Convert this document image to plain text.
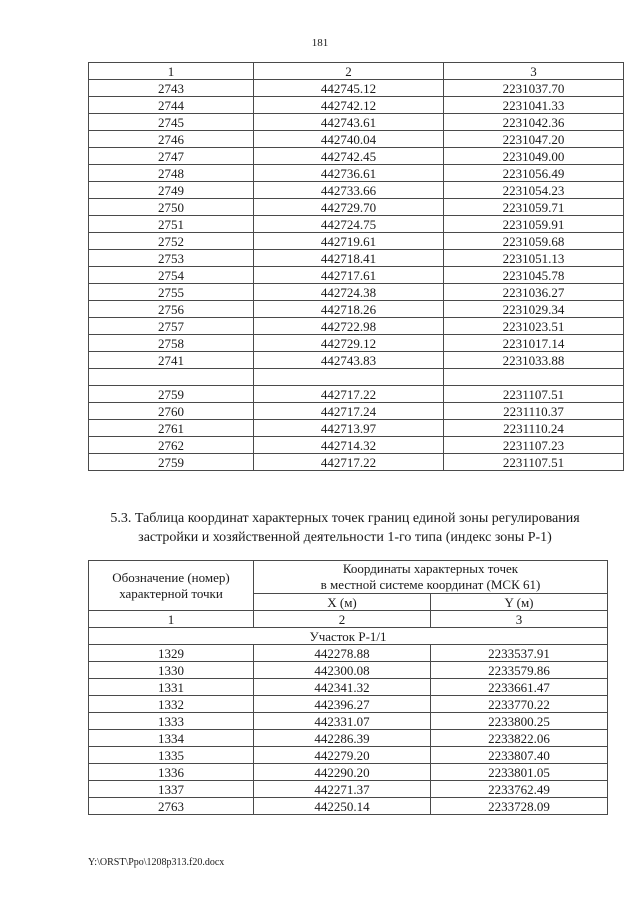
181
1	2	3
2743	442745.12	2231037.70
2744	442742.12	2231041.33
2745	442743.61	2231042.36
2746	442740.04	2231047.20
2747	442742.45	2231049.00
2748	442736.61	2231056.49
2749	442733.66	2231054.23
2750	442729.70	2231059.71
2751	442724.75	2231059.91
2752	442719.61	2231059.68
2753	442718.41	2231051.13
2754	442717.61	2231045.78
2755	442724.38	2231036.27
2756	442718.26	2231029.34
2757	442722.98	2231023.51
2758	442729.12	2231017.14
2741	442743.83	2231033.88

2759	442717.22	2231107.51
2760	442717.24	2231110.37
2761	442713.97	2231110.24
2762	442714.32	2231107.23
2759	442717.22	2231107.51
5.3. Таблица координат характерных точек границ единой зоны регулирования
застройки и хозяйственной деятельности 1-го типа (индекс зоны Р-1)
Обозначение (номер) характерной точки	Координаты характерных точек
в местной системе координат (МСК 61)	

	X (м)	Y (м)
1	2	3
Участок Р-1/1		
1329	442278.88	2233537.91
1330	442300.08	2233579.86
1331	442341.32	2233661.47
1332	442396.27	2233770.22
1333	442331.07	2233800.25
1334	442286.39	2233822.06
1335	442279.20	2233807.40
1336	442290.20	2233801.05
1337	442271.37	2233762.49
2763	442250.14	2233728.09
Y:\ORST\Ppo\1208p313.f20.docx
